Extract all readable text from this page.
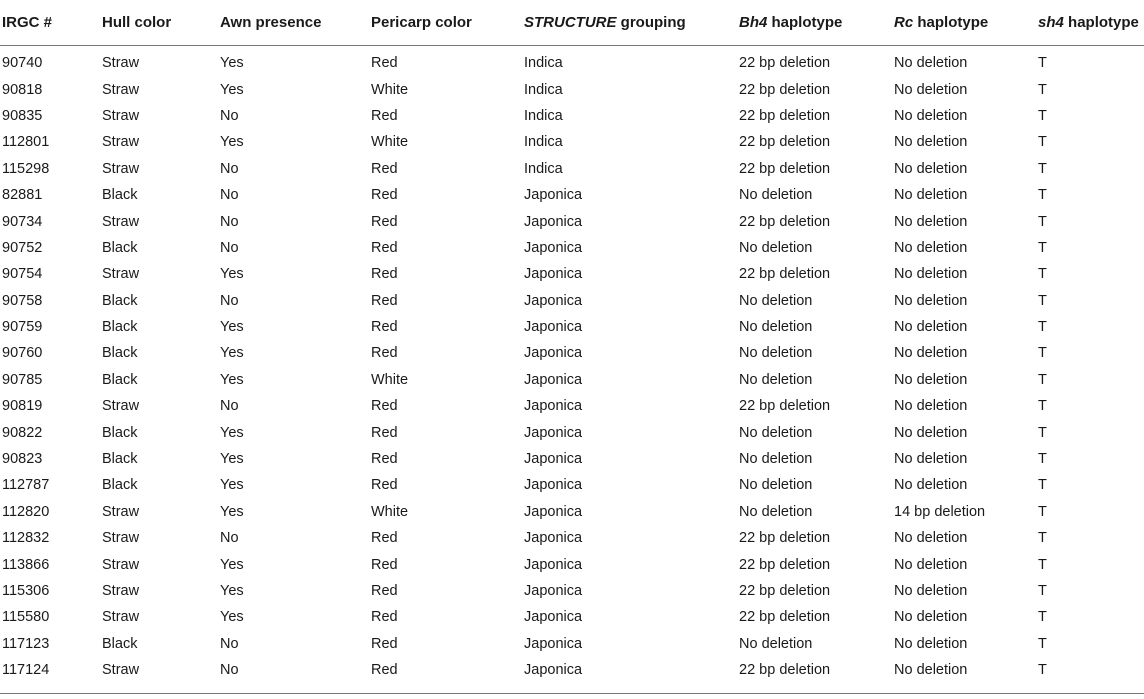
IRGC #	Hull color	Awn presence	Pericarp color	STRUCTURE grouping	Bh4 haplotype	Rc haplotype	sh4 haplotype
90740	Straw	Yes	Red	Indica	22 bp deletion	No deletion	T
90818	Straw	Yes	White	Indica	22 bp deletion	No deletion	T
90835	Straw	No	Red	Indica	22 bp deletion	No deletion	T
112801	Straw	Yes	White	Indica	22 bp deletion	No deletion	T
115298	Straw	No	Red	Indica	22 bp deletion	No deletion	T
82881	Black	No	Red	Japonica	No deletion	No deletion	T
90734	Straw	No	Red	Japonica	22 bp deletion	No deletion	T
90752	Black	No	Red	Japonica	No deletion	No deletion	T
90754	Straw	Yes	Red	Japonica	22 bp deletion	No deletion	T
90758	Black	No	Red	Japonica	No deletion	No deletion	T
90759	Black	Yes	Red	Japonica	No deletion	No deletion	T
90760	Black	Yes	Red	Japonica	No deletion	No deletion	T
90785	Black	Yes	White	Japonica	No deletion	No deletion	T
90819	Straw	No	Red	Japonica	22 bp deletion	No deletion	T
90822	Black	Yes	Red	Japonica	No deletion	No deletion	T
90823	Black	Yes	Red	Japonica	No deletion	No deletion	T
112787	Black	Yes	Red	Japonica	No deletion	No deletion	T
112820	Straw	Yes	White	Japonica	No deletion	14 bp deletion	T
112832	Straw	No	Red	Japonica	22 bp deletion	No deletion	T
113866	Straw	Yes	Red	Japonica	22 bp deletion	No deletion	T
115306	Straw	Yes	Red	Japonica	22 bp deletion	No deletion	T
115580	Straw	Yes	Red	Japonica	22 bp deletion	No deletion	T
117123	Black	No	Red	Japonica	No deletion	No deletion	T
117124	Straw	No	Red	Japonica	22 bp deletion	No deletion	T
